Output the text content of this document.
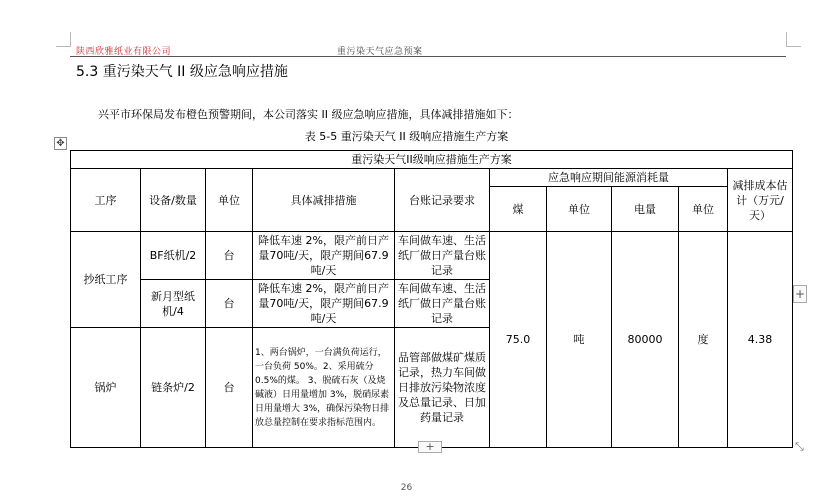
陕西欣雅纸业有限公司	重污染天气应急预案
5.3 重污染天气 II 级应急响应措施
兴平市环保局发布橙色预警期间，本公司落实 II 级应急响应措施，具体减排措施如下：
表 5-5 重污染天气 II 级响应措施生产方案
✥
重污染天气II级响应措施生产方案									
工序	设备/数量	单位	具体减排措施	台账记录要求	应急响应期间能源消耗量				减排成本估计（万元/天）
					煤	单位	电量	单位	
抄纸工序	BF纸机/2	台	降低车速 2%，限产前日产量70吨/天，限产期间67.9吨/天	车间做车速、生活纸厂做日产量台账记录	75.0	吨	80000	度	4.38
	新月型纸机/4	台	降低车速 2%，限产前日产量70吨/天，限产期间67.9吨/天	车间做车速、生活纸厂做日产量台账记录					
锅炉	链条炉/2	台	1、两台锅炉，一台满负荷运行，一台负荷 50%。2、采用硫分 0.5%的煤。 3、脱硫石灰（及烧碱液）日用量增加 3%，脱硝尿素日用量增大 3%，确保污染物日排放总量控制在要求指标范围内。	品管部做煤矿煤质记录，热力车间做日排放污染物浓度及总量记录、日加药量记录					
+
+	⤡
26
